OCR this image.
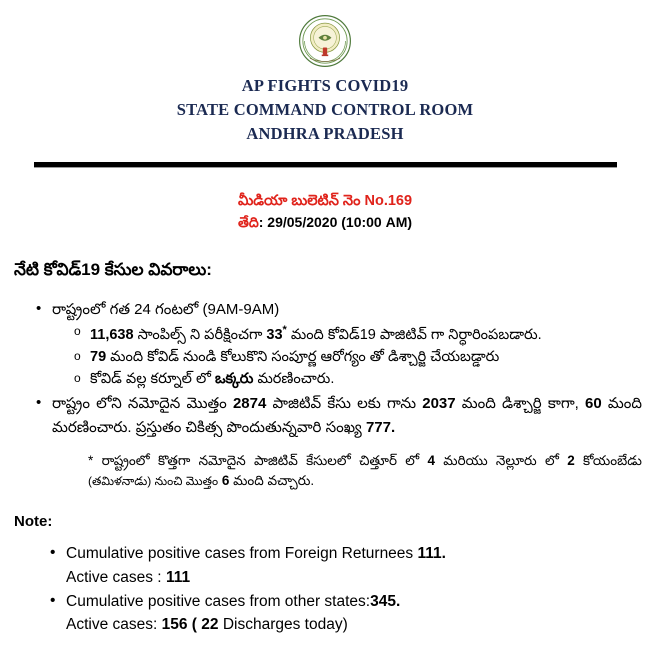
AP FIGHTS COVID19
STATE COMMAND CONTROL ROOM
ANDHRA PRADESH
మీడియా బులెటిన్ నెం No.169
తేది: 29/05/2020 (10:00 AM)
నేటి కోవిడ్19 కేసుల వివరాలు:
• రాష్ట్రంలో గత 24 గంటలో (9AM-9AM)
o 11,638 సాంపిల్స్ ని పరీక్షించగా 33* మంది కోవిడ్19 పాజిటివ్ గా నిర్ధారింపబడారు.
o 79 మంది కోవిడ్ నుండి కోలుకొని సంపూర్ణ ఆరోగ్యం తో డిశ్చార్జి చేయబడ్డారు
o కోవిడ్ వల్ల కర్నూల్ లో ఒక్కరు మరణించారు.
• రాష్ట్రం లోని నమోదైన మొత్తం 2874 పాజిటివ్ కేసు లకు గాను 2037 మంది డిశ్చార్జి కాగా, 60 మంది మరణించారు. ప్రస్తుతం చికిత్స పొందుతున్నవారి సంఖ్య 777.
* రాష్ట్రంలో కొత్తగా నమోదైన పాజిటివ్ కేసులలో చిత్తూర్ లో 4 మరియు నెల్లూరు లో 2 కోయంబేడు (తమిళనాడు) నుంచి మొత్తం 6 మంది వచ్చారు.
Note:
• Cumulative positive cases from Foreign Returnees 111.
Active cases : 111
• Cumulative positive cases from other states:345.
Active cases: 156 ( 22 Discharges today)
